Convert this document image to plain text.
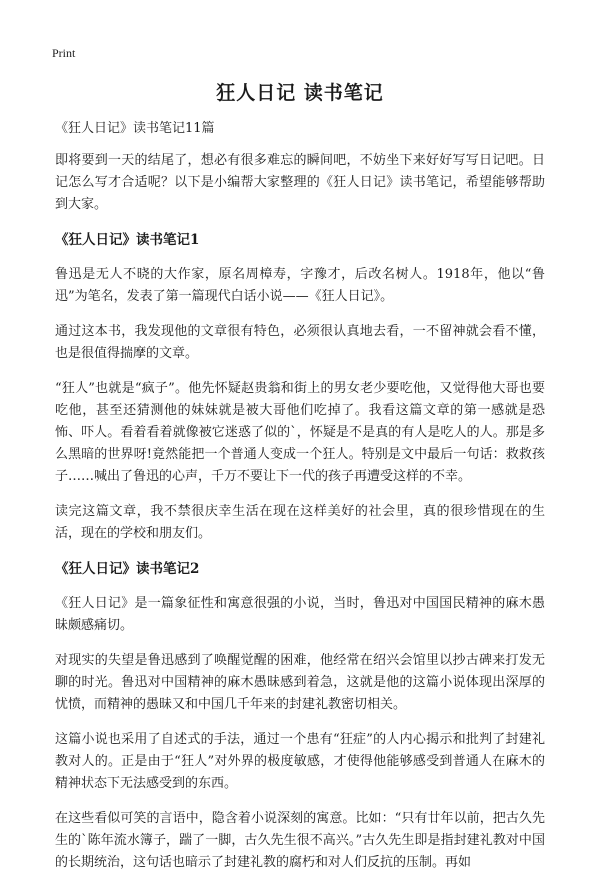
Print
狂人日记 读书笔记

《狂人日记》读书笔记11篇

即将要到一天的结尾了，想必有很多难忘的瞬间吧，不妨坐下来好好写写日记吧。日记怎么写才合适呢？以下是小编帮大家整理的《狂人日记》读书笔记，希望能够帮助到大家。

《狂人日记》读书笔记1

鲁迅是无人不晓的大作家，原名周樟寿，字豫才，后改名树人。1918年，他以“鲁迅”为笔名，发表了第一篇现代白话小说——《狂人日记》。

通过这本书，我发现他的文章很有特色，必须很认真地去看，一不留神就会看不懂，也是很值得揣摩的文章。

“狂人”也就是“疯子”。他先怀疑赵贵翁和街上的男女老少要吃他，又觉得他大哥也要吃他，甚至还猜测他的妹妹就是被大哥他们吃掉了。我看这篇文章的第一感就是恐怖、吓人。看着看着就像被它迷惑了似的`，怀疑是不是真的有人是吃人的人。那是多么黑暗的世界呀!竟然能把一个普通人变成一个狂人。特别是文中最后一句话：救救孩子……喊出了鲁迅的心声，千万不要让下一代的孩子再遭受这样的不幸。

读完这篇文章，我不禁很庆幸生活在现在这样美好的社会里，真的很珍惜现在的生活，现在的学校和朋友们。

《狂人日记》读书笔记2

《狂人日记》是一篇象征性和寓意很强的小说，当时，鲁迅对中国国民精神的麻木愚昧颇感痛切。

对现实的失望是鲁迅感到了唤醒觉醒的困难，他经常在绍兴会馆里以抄古碑来打发无聊的时光。鲁迅对中国精神的麻木愚昧感到着急，这就是他的这篇小说体现出深厚的忧愤，而精神的愚昧又和中国几千年来的封建礼教密切相关。

这篇小说也采用了自述式的手法，通过一个患有“狂症”的人内心揭示和批判了封建礼教对人的。正是由于“狂人”对外界的极度敏感，才使得他能够感受到普通人在麻木的精神状态下无法感受到的东西。

在这些看似可笑的言语中，隐含着小说深刻的寓意。比如：“只有廿年以前，把古久先生的`陈年流水簿子，踹了一脚，古久先生很不高兴。”古久先生即是指封建礼教对中国的长期统治，这句话也暗示了封建礼教的腐朽和对人们反抗的压制。再如
